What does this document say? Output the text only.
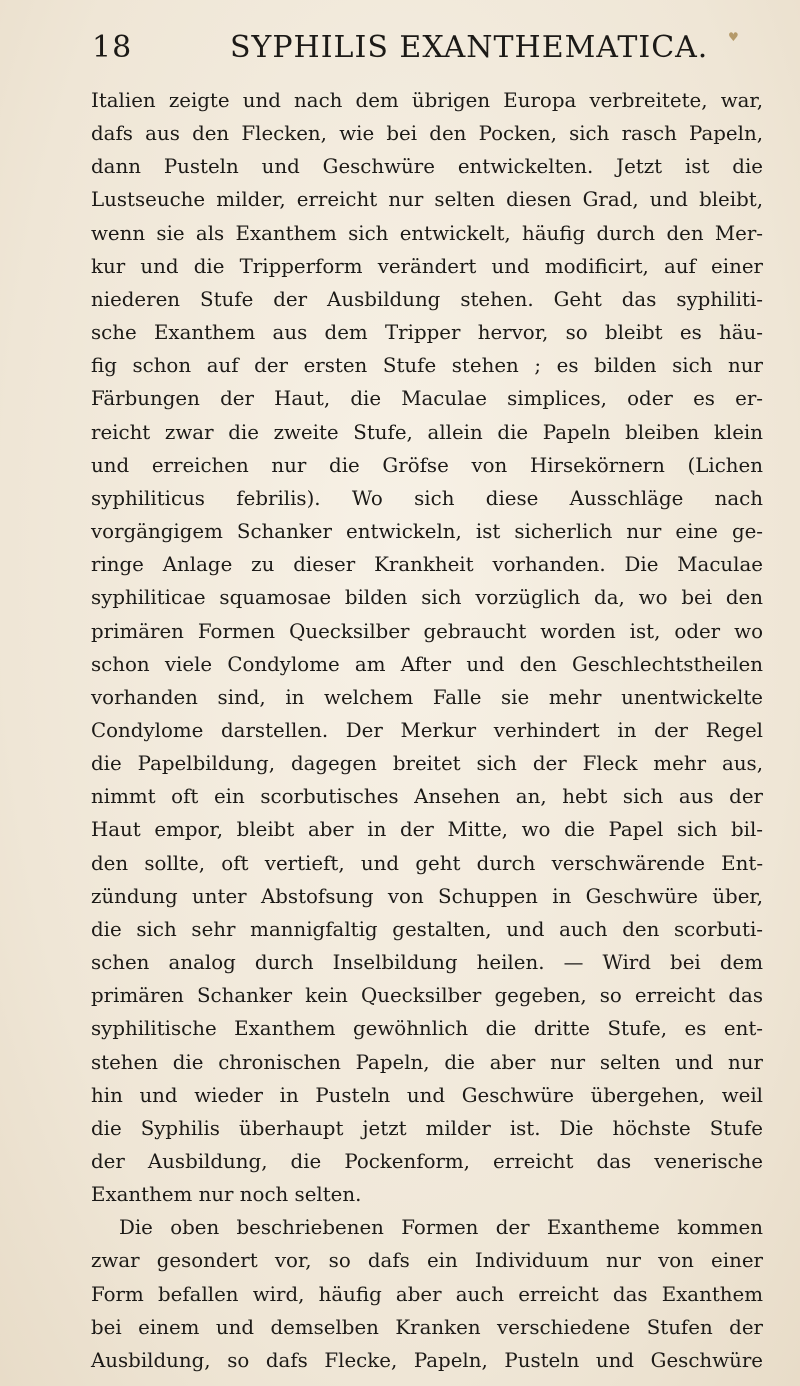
18	SYPHILIS EXANTHEMATICA. ♥
Italien zeigte und nach dem übrigen Europa verbreitete, war,
dafs aus den Flecken, wie bei den Pocken, sich rasch Papeln,
dann Pusteln und Geschwüre entwickelten. Jetzt ist die
Lustseuche milder, erreicht nur selten diesen Grad, und bleibt,
wenn sie als Exanthem sich entwickelt, häufig durch den Mer-
kur und die Tripperform verändert und modificirt, auf einer
niederen Stufe der Ausbildung stehen. Geht das syphiliti-
sche Exanthem aus dem Tripper hervor, so bleibt es häu-
fig schon auf der ersten Stufe stehen ; es bilden sich nur
Färbungen der Haut, die Maculae simplices, oder es er-
reicht zwar die zweite Stufe, allein die Papeln bleiben klein
und erreichen nur die Gröfse von Hirsekörnern (Lichen
syphiliticus febrilis). Wo sich diese Ausschläge nach
vorgängigem Schanker entwickeln, ist sicherlich nur eine ge-
ringe Anlage zu dieser Krankheit vorhanden. Die Maculae
syphiliticae squamosae bilden sich vorzüglich da, wo bei den
primären Formen Quecksilber gebraucht worden ist, oder wo
schon viele Condylome am After und den Geschlechtstheilen
vorhanden sind, in welchem Falle sie mehr unentwickelte
Condylome darstellen. Der Merkur verhindert in der Regel
die Papelbildung, dagegen breitet sich der Fleck mehr aus,
nimmt oft ein scorbutisches Ansehen an, hebt sich aus der
Haut empor, bleibt aber in der Mitte, wo die Papel sich bil-
den sollte, oft vertieft, und geht durch verschwärende Ent-
zündung unter Abstofsung von Schuppen in Geschwüre über,
die sich sehr mannigfaltig gestalten, und auch den scorbuti-
schen analog durch Inselbildung heilen. — Wird bei dem
primären Schanker kein Quecksilber gegeben, so erreicht das
syphilitische Exanthem gewöhnlich die dritte Stufe, es ent-
stehen die chronischen Papeln, die aber nur selten und nur
hin und wieder in Pusteln und Geschwüre übergehen, weil
die Syphilis überhaupt jetzt milder ist. Die höchste Stufe
der Ausbildung, die Pockenform, erreicht das venerische
Exanthem nur noch selten.
Die oben beschriebenen Formen der Exantheme kommen
zwar gesondert vor, so dafs ein Individuum nur von einer
Form befallen wird, häufig aber auch erreicht das Exanthem
bei einem und demselben Kranken verschiedene Stufen der
Ausbildung, so dafs Flecke, Papeln, Pusteln und Geschwüre
